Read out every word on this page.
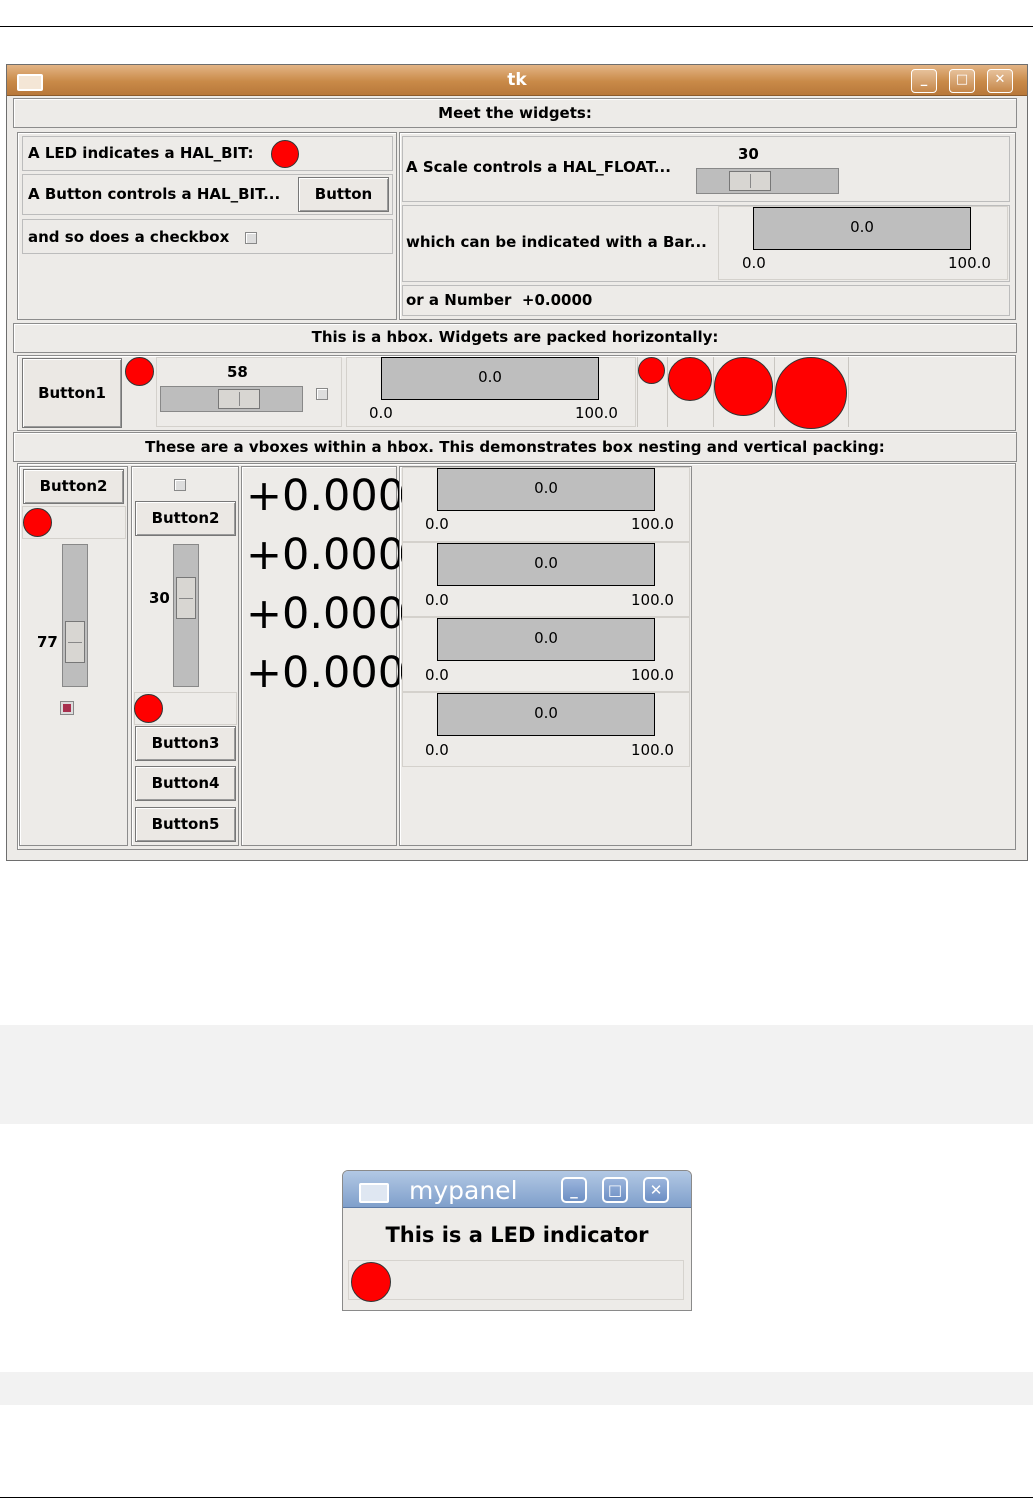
tk	_	□	✕
Meet the widgets:
A LED indicates a HAL_BIT:
A Button controls a HAL_BIT...	Button
and so does a checkbox
A Scale controls a HAL_FLOAT...
30
which can be indicated with a Bar...
0.0
0.0	100.0
or a Number +0.0000
This is a hbox. Widgets are packed horizontally:
Button1
58	0.0
0.0	100.0
These are a vboxes within a hbox. This demonstrates box nesting and vertical packing:
Button2
77
Button2
30
Button3
Button4
Button5
+0.000
+0.000
+0.000
+0.000
0.0
0.0	100.0
0.0
0.0	100.0
0.0
0.0	100.0
0.0
0.0	100.0
mypanel	_	□	✕
This is a LED indicator
